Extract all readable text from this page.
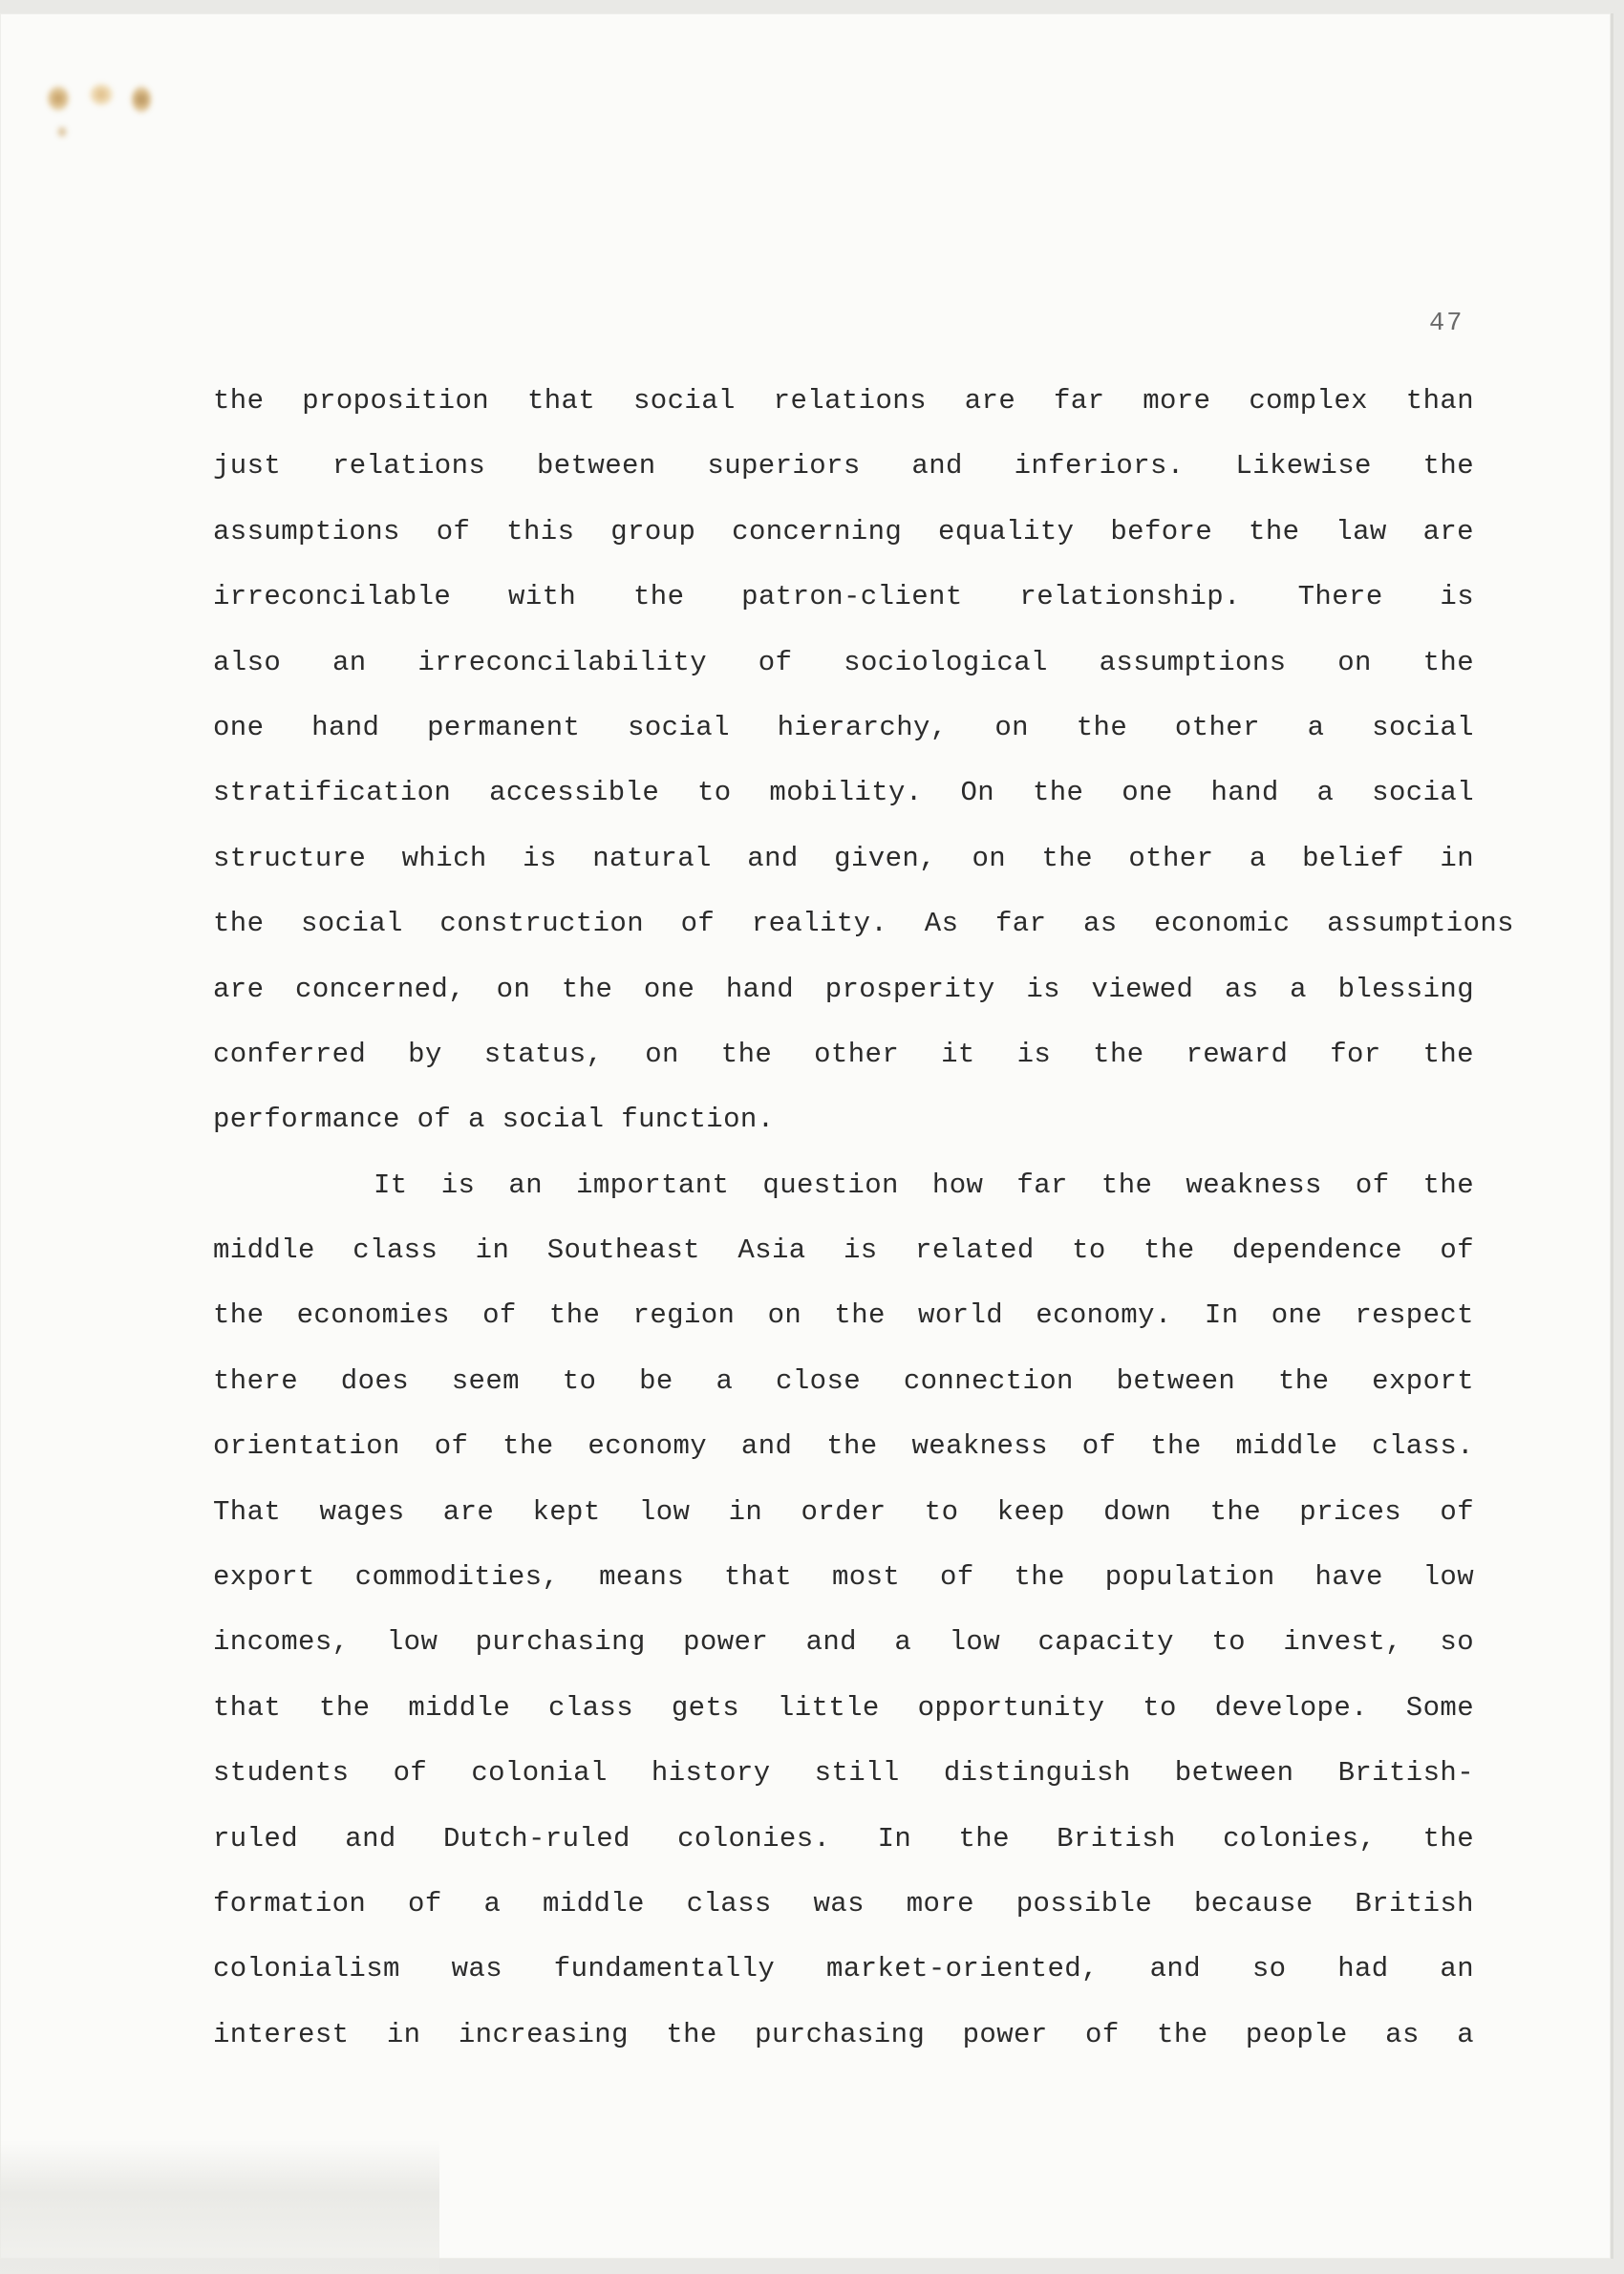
47
the proposition that social relations are far more complex than
just relations between superiors and inferiors. Likewise the
assumptions of this group concerning equality before the law are
irreconcilable with the patron-client relationship. There is
also an irreconcilability of sociological assumptions on the
one hand permanent social hierarchy, on the other a social
stratification accessible to mobility. On the one hand a social
structure which is natural and given, on the other a belief in
the social construction of reality. As far as economic assumptions
are concerned, on the one hand prosperity is viewed as a blessing
conferred by status, on the other it is the reward for the
performance of a social function.
It is an important question how far the weakness of the
middle class in Southeast Asia is related to the dependence of
the economies of the region on the world economy. In one respect
there does seem to be a close connection between the export
orientation of the economy and the weakness of the middle class.
That wages are kept low in order to keep down the prices of
export commodities, means that most of the population have low
incomes, low purchasing power and a low capacity to invest, so
that the middle class gets little opportunity to develope. Some
students of colonial history still distinguish between British-
ruled and Dutch-ruled colonies. In the British colonies, the
formation of a middle class was more possible because British
colonialism was fundamentally market-oriented, and so had an
interest in increasing the purchasing power of the people as a
